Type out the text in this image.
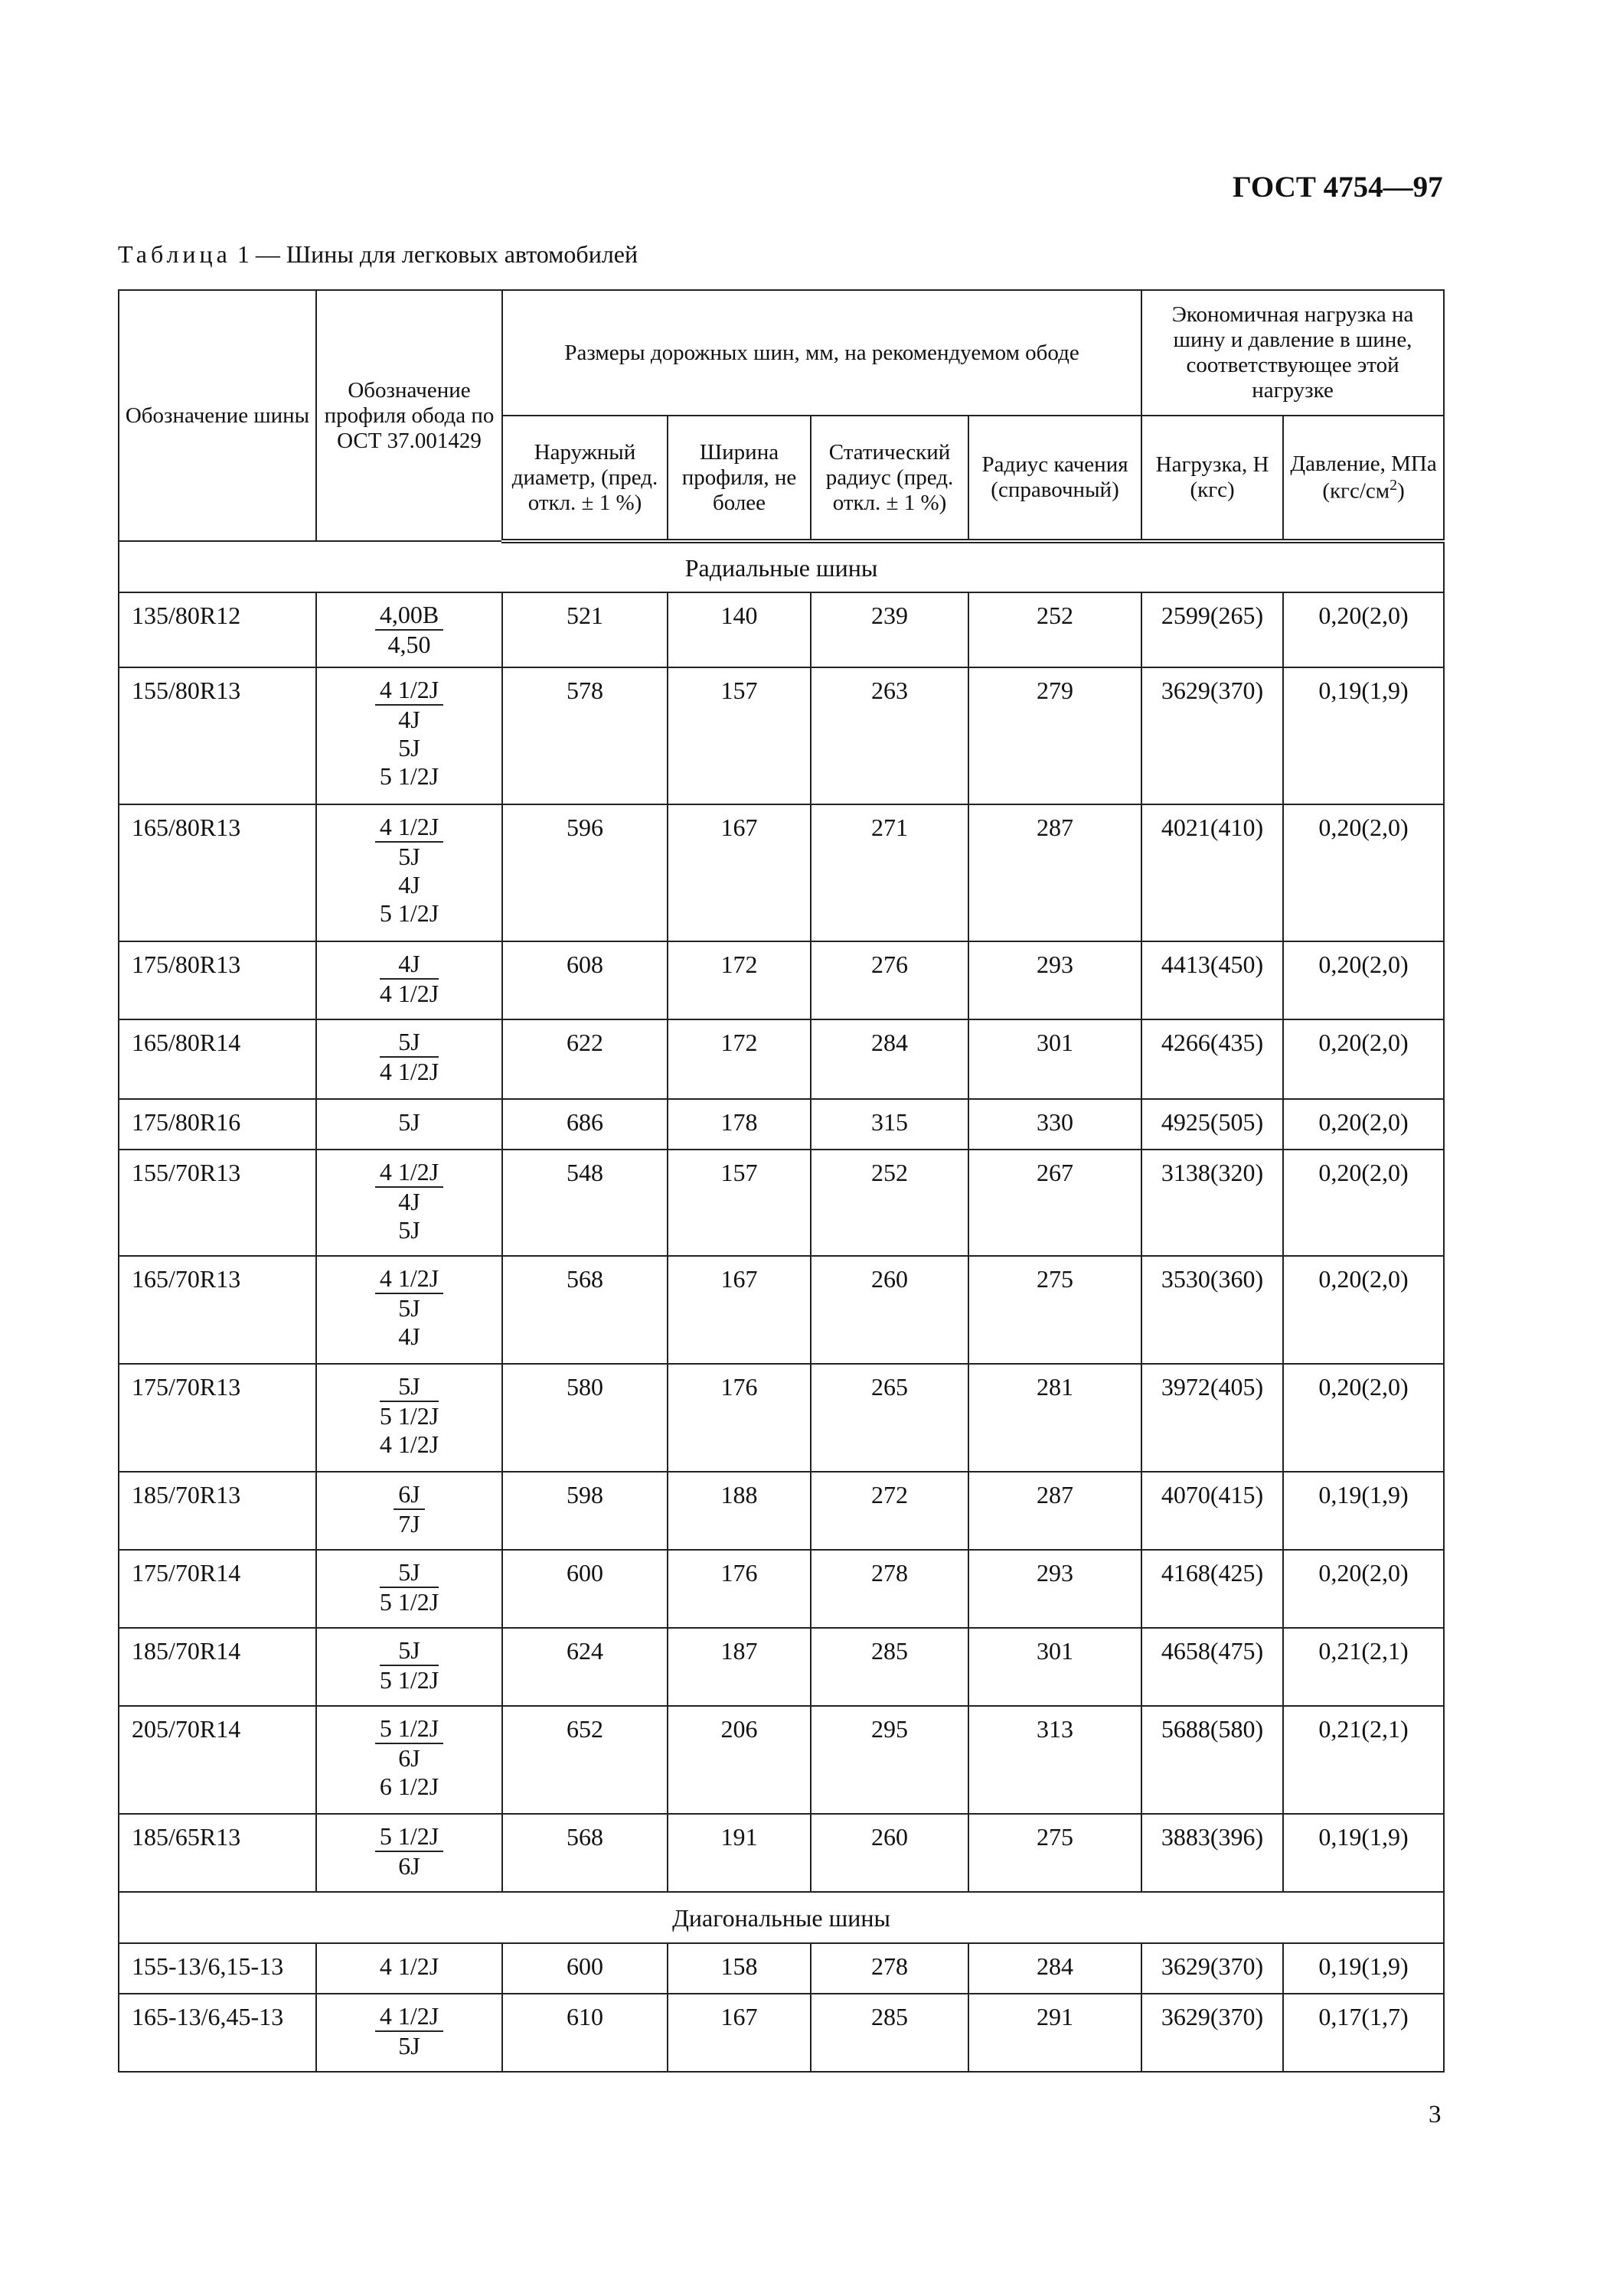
ГОСТ 4754—97
Таблица 1 — Шины для легковых автомобилей
Обозначение шины	Обозначение профиля обода по ОСТ 37.001429	Размеры дорожных шин, мм, на рекомендуемом ободе				Экономичная нагрузка на шину и давление в шине, соответствующее этой нагрузке	
		Наружный диаметр, (пред. откл. ± 1 %)	Ширина профиля, не более	Статический радиус (пред. откл. ± 1 %)	Радиус качения (справочный)	Нагрузка, Н (кгс)	Давление, МПа $(кгс/см^2)$
Радиальные шины							
135/80R12	$\frac{4,00B}{4,50}$	521	140	239	252	2599(265)	0,20(2,0)
155/80R13	4 1/2J
4J
5J
5 1/2J	578	157	263	279	3629(370)	0,19(1,9)
165/80R13	4 1/2J
5J
4J
5 1/2J	596	167	271	287	4021(410)	0,20(2,0)
175/80R13	$\frac{4J}{4 1/2J}$	608	172	276	293	4413(450)	0,20(2,0)
165/80R14	$\frac{5J}{4 1/2J}$	622	172	284	301	4266(435)	0,20(2,0)
175/80R16	5J	686	178	315	330	4925(505)	0,20(2,0)
155/70R13	4 1/2J
4J
5J	548	157	252	267	3138(320)	0,20(2,0)
165/70R13	4 1/2J
5J
4J	568	167	260	275	3530(360)	0,20(2,0)
175/70R13	5J
5 1/2J
4 1/2J	580	176	265	281	3972(405)	0,20(2,0)
185/70R13	$\frac{6J}{7J}$	598	188	272	287	4070(415)	0,19(1,9)
175/70R14	$\frac{5J}{5 1/2J}$	600	176	278	293	4168(425)	0,20(2,0)
185/70R14	$\frac{5J}{5 1/2J}$	624	187	285	301	4658(475)	0,21(2,1)
205/70R14	5 1/2J
6J
6 1/2J	652	206	295	313	5688(580)	0,21(2,1)
185/65R13	$\frac{5 1/2J}{6J}$	568	191	260	275	3883(396)	0,19(1,9)
Диагональные шины							
155-13/6,15-13	4 1/2J	600	158	278	284	3629(370)	0,19(1,9)
165-13/6,45-13	$\frac{4 1/2J}{5J}$	610	167	285	291	3629(370)	0,17(1,7)
3
